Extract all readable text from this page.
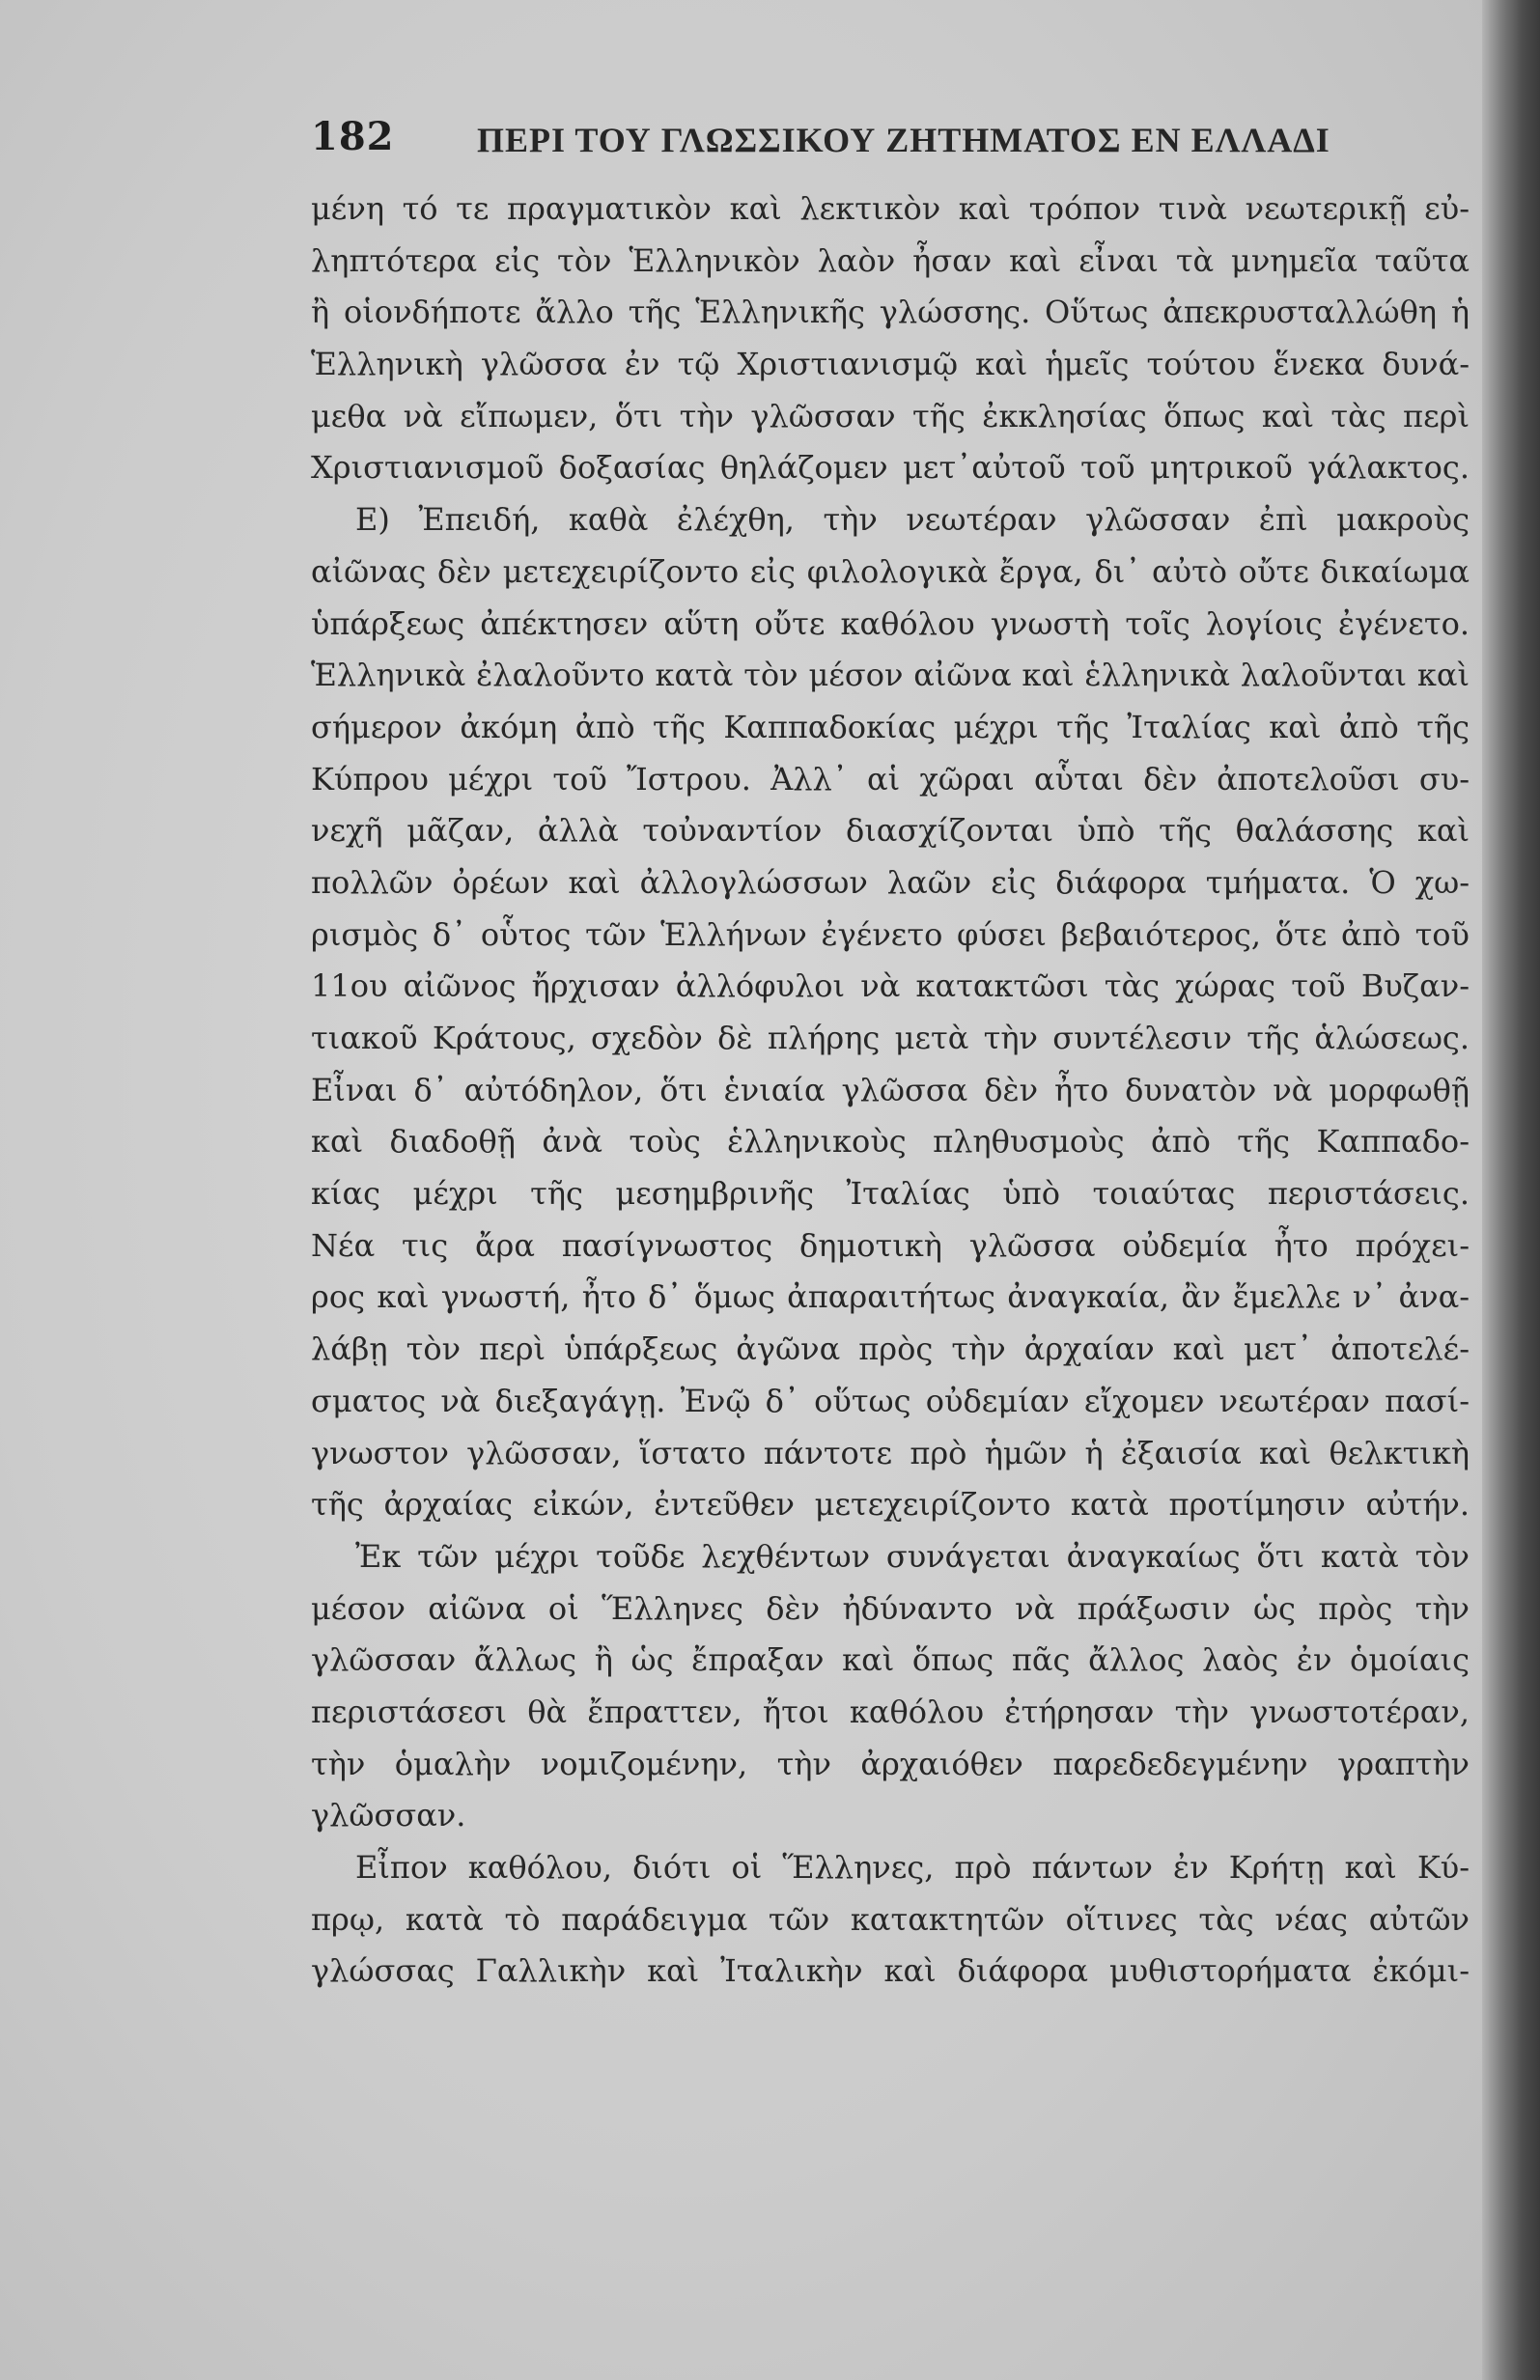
182 ΠΕΡΙ ΤΟΥ ΓΛΩΣΣΙΚΟΥ ΖΗΤΗΜΑΤΟΣ ΕΝ ΕΛΛΑΔΙ
μένη τό τε πραγματικὸν καὶ λεκτικὸν καὶ τρόπον τινὰ νεωτερικῇ εὐ-
ληπτότερα εἰς τὸν Ἑλληνικὸν λαὸν ἦσαν καὶ εἶναι τὰ μνημεῖα ταῦτα
ἢ οἱονδήποτε ἄλλο τῆς Ἑλληνικῆς γλώσσης. Οὕτως ἀπεκρυσταλλώθη ἡ
Ἑλληνικὴ γλῶσσα ἐν τῷ Χριστιανισμῷ καὶ ἡμεῖς τούτου ἕνεκα δυνά-
μεθα νὰ εἴπωμεν, ὅτι τὴν γλῶσσαν τῆς ἐκκλησίας ὅπως καὶ τὰς περὶ
Χριστιανισμοῦ δοξασίας θηλάζομεν μετ᾿αὐτοῦ τοῦ μητρικοῦ γάλακτος.
Ε) Ἐπειδή, καθὰ ἐλέχθη, τὴν νεωτέραν γλῶσσαν ἐπὶ μακροὺς
αἰῶνας δὲν μετεχειρίζοντο εἰς φιλολογικὰ ἔργα, δι᾿ αὐτὸ οὔτε δικαίωμα
ὑπάρξεως ἀπέκτησεν αὕτη οὔτε καθόλου γνωστὴ τοῖς λογίοις ἐγένετο.
Ἑλληνικὰ ἐλαλοῦντο κατὰ τὸν μέσον αἰῶνα καὶ ἑλληνικὰ λαλοῦνται καὶ
σήμερον ἀκόμη ἀπὸ τῆς Καππαδοκίας μέχρι τῆς Ἰταλίας καὶ ἀπὸ τῆς
Κύπρου μέχρι τοῦ Ἴστρου. Ἀλλ᾿ αἱ χῶραι αὗται δὲν ἀποτελοῦσι συ-
νεχῆ μᾶζαν, ἀλλὰ τοὐναντίον διασχίζονται ὑπὸ τῆς θαλάσσης καὶ
πολλῶν ὀρέων καὶ ἀλλογλώσσων λαῶν εἰς διάφορα τμήματα. Ὁ χω-
ρισμὸς δ᾿ οὗτος τῶν Ἑλλήνων ἐγένετο φύσει βεβαιότερος, ὅτε ἀπὸ τοῦ
11ου αἰῶνος ἤρχισαν ἀλλόφυλοι νὰ κατακτῶσι τὰς χώρας τοῦ Βυζαν-
τιακοῦ Κράτους, σχεδὸν δὲ πλήρης μετὰ τὴν συντέλεσιν τῆς ἁλώσεως.
Εἶναι δ᾿ αὐτόδηλον, ὅτι ἑνιαία γλῶσσα δὲν ἦτο δυνατὸν νὰ μορφωθῇ
καὶ διαδοθῇ ἀνὰ τοὺς ἑλληνικοὺς πληθυσμοὺς ἀπὸ τῆς Καππαδο-
κίας μέχρι τῆς μεσημβρινῆς Ἰταλίας ὑπὸ τοιαύτας περιστάσεις.
Νέα τις ἄρα πασίγνωστος δημοτικὴ γλῶσσα οὐδεμία ἦτο πρόχει-
ρος καὶ γνωστή, ἦτο δ᾿ ὅμως ἀπαραιτήτως ἀναγκαία, ἂν ἔμελλε ν᾿ ἀνα-
λάβῃ τὸν περὶ ὑπάρξεως ἀγῶνα πρὸς τὴν ἀρχαίαν καὶ μετ᾿ ἀποτελέ-
σματος νὰ διεξαγάγῃ. Ἐνῷ δ᾿ οὕτως οὐδεμίαν εἴχομεν νεωτέραν πασί-
γνωστον γλῶσσαν, ἵστατο πάντοτε πρὸ ἡμῶν ἡ ἐξαισία καὶ θελκτικὴ
τῆς ἀρχαίας εἰκών, ἐντεῦθεν μετεχειρίζοντο κατὰ προτίμησιν αὐτήν.
Ἐκ τῶν μέχρι τοῦδε λεχθέντων συνάγεται ἀναγκαίως ὅτι κατὰ τὸν
μέσον αἰῶνα οἱ Ἕλληνες δὲν ἠδύναντο νὰ πράξωσιν ὡς πρὸς τὴν
γλῶσσαν ἄλλως ἢ ὡς ἔπραξαν καὶ ὅπως πᾶς ἄλλος λαὸς ἐν ὁμοίαις
περιστάσεσι θὰ ἔπραττεν, ἤτοι καθόλου ἐτήρησαν τὴν γνωστοτέραν,
τὴν ὁμαλὴν νομιζομένην, τὴν ἀρχαιόθεν παρεδεδεγμένην γραπτὴν
γλῶσσαν.
Εἶπον καθόλου, διότι οἱ Ἕλληνες, πρὸ πάντων ἐν Κρήτῃ καὶ Κύ-
πρῳ, κατὰ τὸ παράδειγμα τῶν κατακτητῶν οἵτινες τὰς νέας αὐτῶν
γλώσσας Γαλλικὴν καὶ Ἰταλικὴν καὶ διάφορα μυθιστορήματα ἐκόμι-
